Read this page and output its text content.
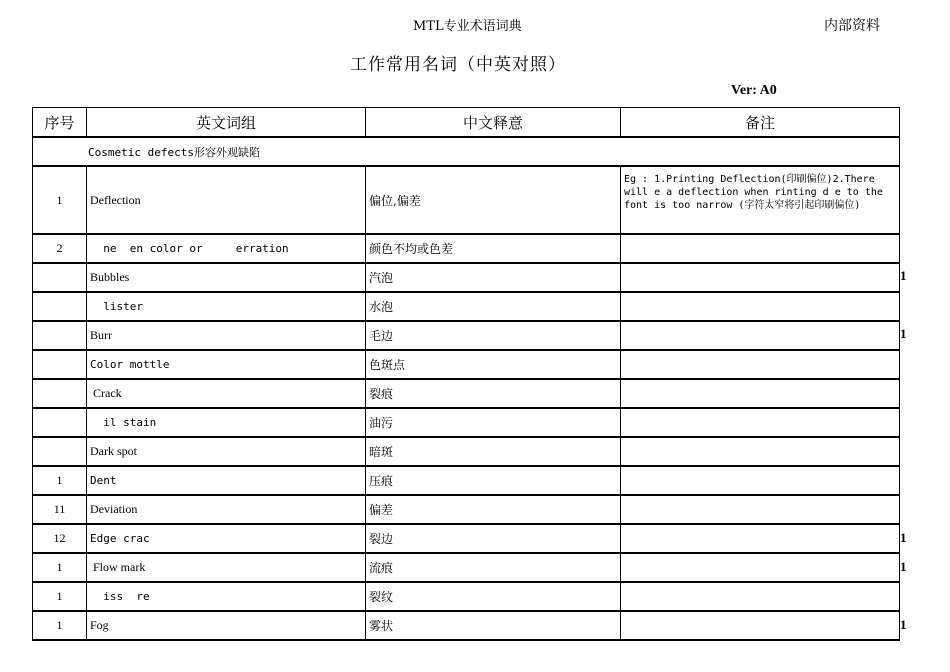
MTL专业术语词典	内部资料
工作常用名词（中英对照）
Ver: A0
序号	英文词组	中文释意	备注
Cosmetic defects形容外观缺陷			
1	Deflection	偏位,偏差	Eg : 1.Printing Deflection(印刷偏位)2.There will e a deflection when rinting d e to the font is too narrow (字符太窄将引起印刷偏位)
2	ne  en color or     erration	颜色不均或色差	
	Bubbles	汽泡	
	lister	水泡	
	Burr	毛边	
	Color mottle	色斑点	
	Crack	裂痕	
	il stain	油污	
	Dark spot	暗斑	
1	Dent	压痕	
11	Deviation	偏差	
12	Edge crac	裂边	
1	Flow mark	流痕	
1	iss  re	裂纹	
1	Fog	雾状	
1
1
1
1
1
